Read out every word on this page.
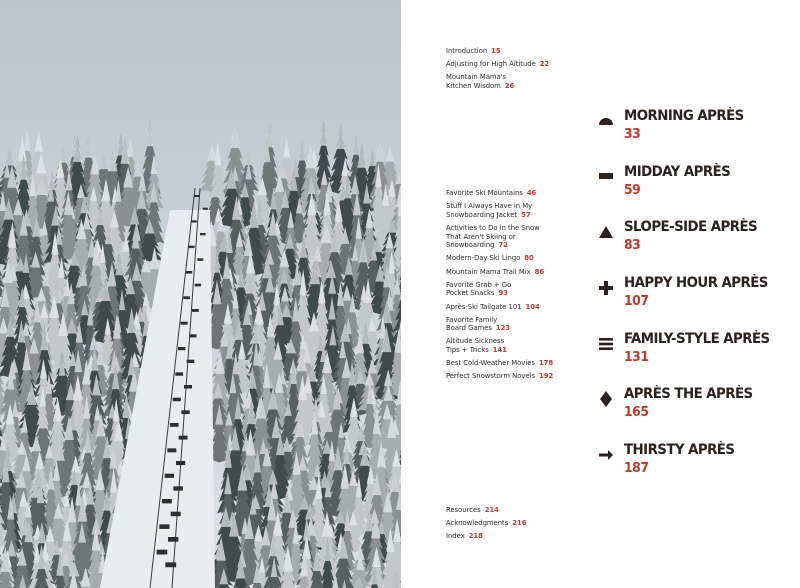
Introduction 15
Adjusting for High Altitude 22
Mountain Mama's
Kitchen Wisdom 26
Favorite Ski Mountains 46
Stuff I Always Have in My
Snowboarding Jacket 57
Activities to Do in the Snow
That Aren't Skiing or
Snowboarding 72
Modern-Day Ski Lingo 80
Mountain Mama Trail Mix 86
Favorite Grab + Go
Pocket Snacks 93
Après-Ski Tailgate 101 104
Favorite Family
Board Games 123
Altitude Sickness
Tips + Tricks 141
Best Cold-Weather Movies 178
Perfect Snowstorm Novels 192
Resources 214
Acknowledgments 216
Index 218
MORNING APRÈS
33
MIDDAY APRÈS
59
SLOPE-SIDE APRÈS
83
HAPPY HOUR APRÈS
107
FAMILY-STYLE APRÈS
131
APRÈS THE APRÈS
165
THIRSTY APRÈS
187
